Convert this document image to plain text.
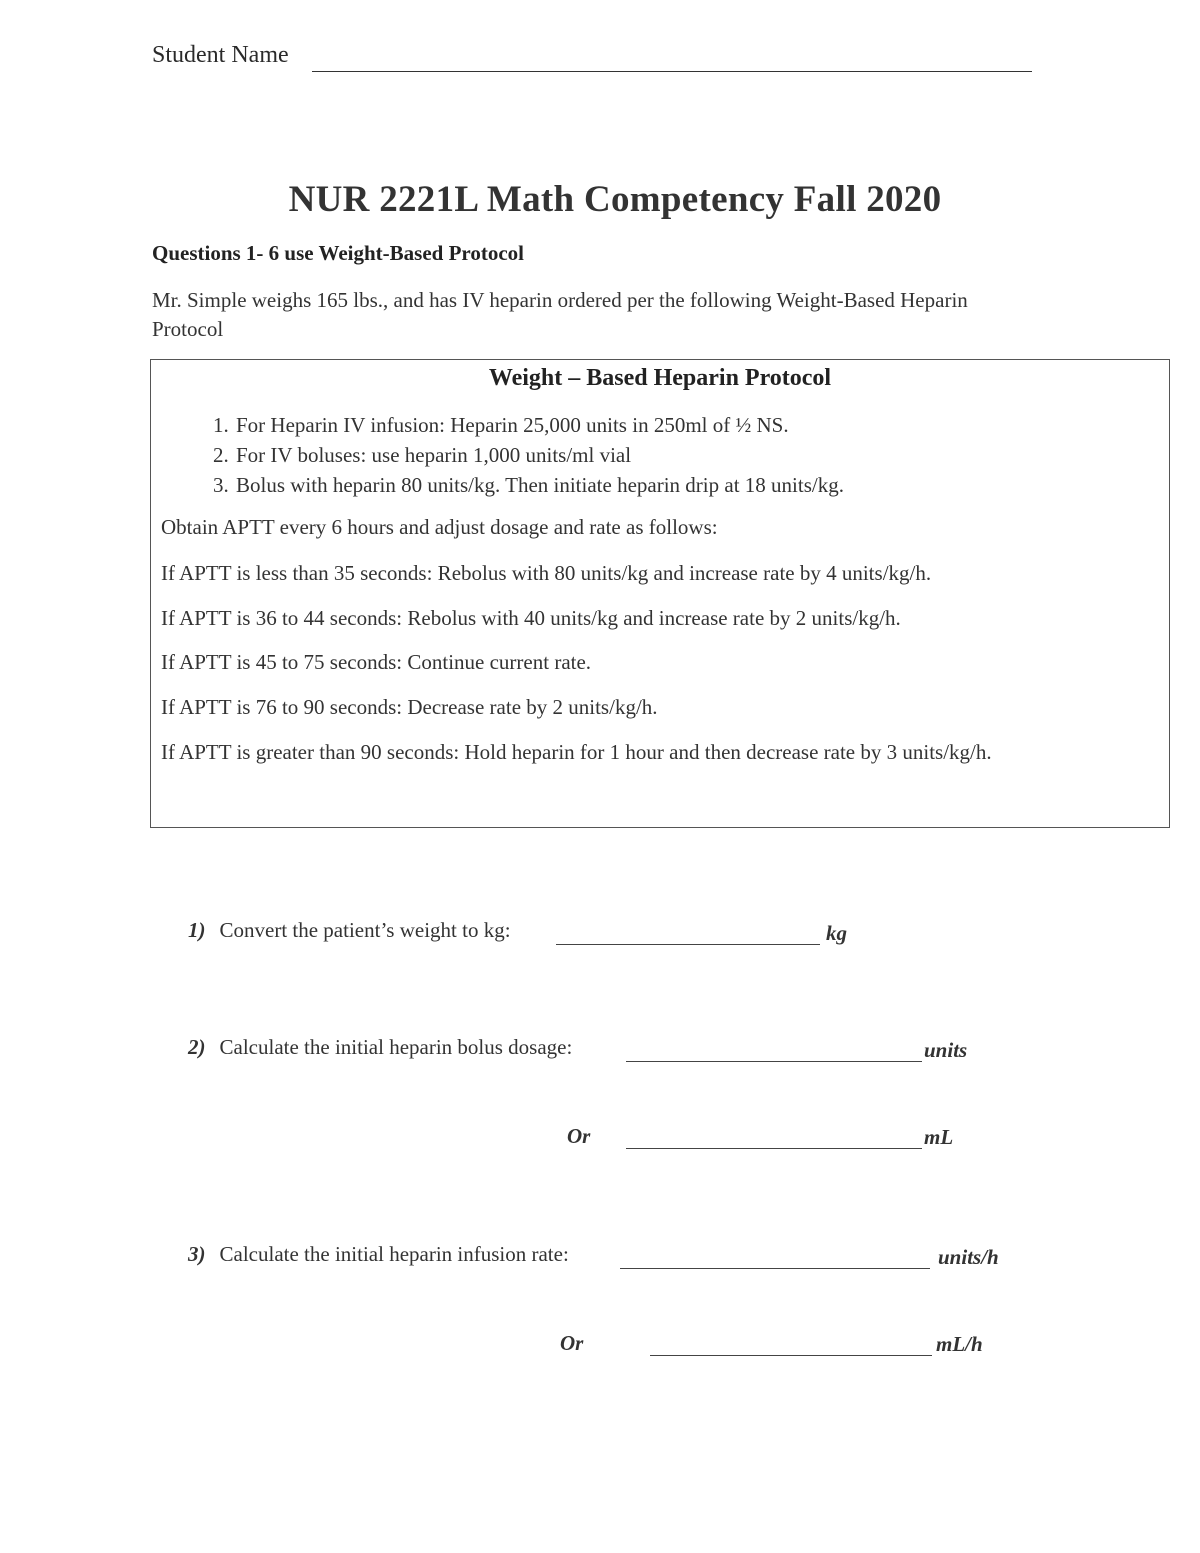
Student Name
NUR 2221L Math Competency Fall 2020
Questions 1- 6 use Weight-Based Protocol
Mr. Simple weighs 165 lbs., and has IV heparin ordered per the following Weight-Based Heparin Protocol
Weight – Based Heparin Protocol
1. For Heparin IV infusion: Heparin 25,000 units in 250ml of ½ NS.
2. For IV boluses: use heparin 1,000 units/ml vial
3. Bolus with heparin 80 units/kg. Then initiate heparin drip at 18 units/kg.
Obtain APTT every 6 hours and adjust dosage and rate as follows:
If APTT is less than 35 seconds: Rebolus with 80 units/kg and increase rate by 4 units/kg/h.
If APTT is 36 to 44 seconds: Rebolus with 40 units/kg and increase rate by 2 units/kg/h.
If APTT is 45 to 75 seconds: Continue current rate.
If APTT is 76 to 90 seconds: Decrease rate by 2 units/kg/h.
If APTT is greater than 90 seconds: Hold heparin for 1 hour and then decrease rate by 3 units/kg/h.
1) Convert the patient’s weight to kg:	kg
2) Calculate the initial heparin bolus dosage:	units
Or	mL
3) Calculate the initial heparin infusion rate:	units/h
Or	mL/h
